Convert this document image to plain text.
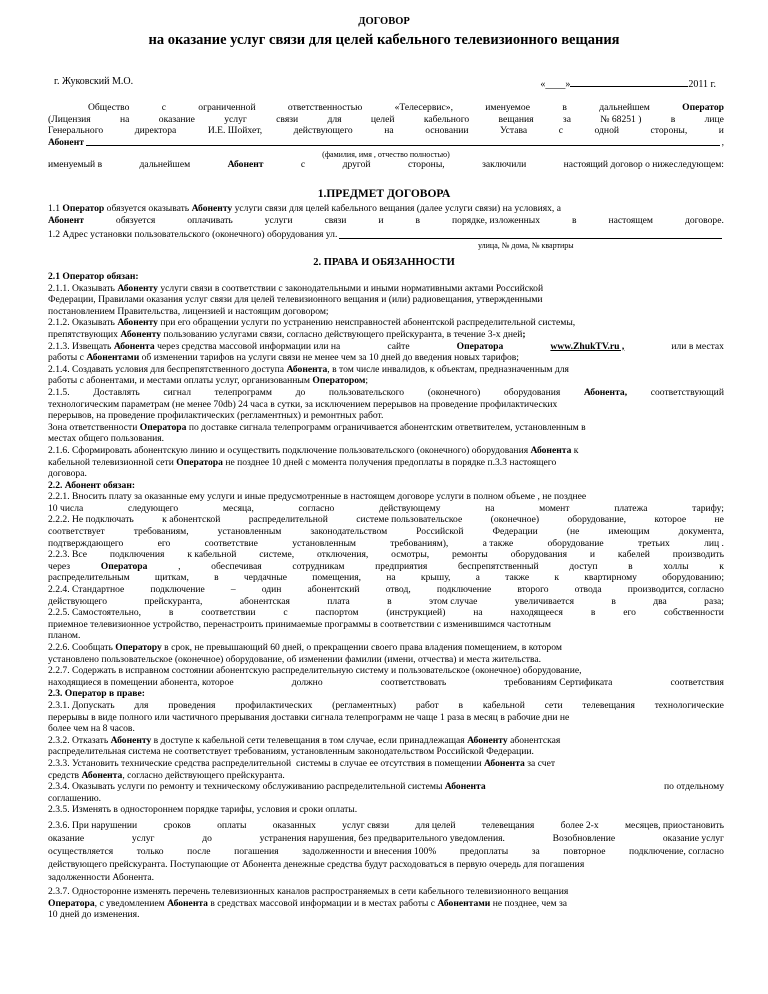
ДОГОВОР
на оказание услуг связи для целей кабельного телевизионного вещания
г. Жуковский М.О.	«____»	2011 г.
Общество	с	ограниченной	ответственностью	«Телесервис»,	именуемое	в	дальнейшем	Оператор
(Лицензия	на	оказание	услуг	связи	для	целей	кабельного	вещания	за	№ 68251 )	в	лице
Генерального	директора	И.Е. Шойхет,	действующего	на	основании	Устава	с	одной	стороны,	и
Абонент	,
(фамилия, имя , отчество полностью)
именуемый в	дальнейшем	Абонент	с	другой	стороны,	заключили	настоящий договор о нижеследующем:
1.ПРЕДМЕТ ДОГОВОРА
1.1 Оператор обязуется оказывать Абоненту услуги связи для целей кабельного вещания (далее услуги связи) на условиях, а
Абонент	обязуется	оплачивать	услуги	связи	и	в	порядке, изложенных	в	настоящем	договоре.
1.2 Адрес установки пользовательского (оконечного) оборудования ул.
улица, № дома, № квартиры
2. ПРАВА И ОБЯЗАННОСТИ
2.1 Оператор обязан:
2.1.1. Оказывать Абоненту услуги связи в соответствии с законодательными и иными нормативными актами Российской
Федерации, Правилами оказания услуг связи для целей телевизионного вещания и (или) радиовещания, утвержденными
постановлением Правительства, лицензией и настоящим договором;
2.1.2. Оказывать Абоненту при его обращении услуги по устранению неисправностей абонентской распределительной системы,
препятствующих Абоненту пользованию услугами связи, согласно действующего прейскуранта, в течение 3-х дней;
2.1.3. Извещать Абонента через средства массовой информации или на	сайте	Оператора	www.ZhukTV.ru ,	или в местах
работы с Абонентами об изменении тарифов на услуги связи не менее чем за 10 дней до введения новых тарифов;
2.1.4. Создавать условия для беспрепятственного доступа Абонента, в том числе инвалидов, к объектам, предназначенным для
работы с абонентами, и местами оплаты услуг, организованным Оператором;
2.1.5. Доставлять сигнал телепрограмм до пользовательского (оконечного) оборудования Абонента, соответствующий
технологическим параметрам (не менее 70db) 24 часа в сутки, за исключением перерывов на проведение профилактических
перерывов, на проведение профилактических (регламентных) и ремонтных работ.
Зона ответственности Оператора по доставке сигнала телепрограмм ограничивается абонентским ответвителем, установленным в
местах общего пользования.
2.1.6. Сформировать абонентскую линию и осуществить подключение пользовательского (оконечного) оборудования Абонента к
кабельной телевизионной сети Оператора не позднее 10 дней с момента получения предоплаты в порядке п.3.3 настоящего
договора.
2.2. Абонент обязан:
2.2.1. Вносить плату за оказанные ему услуги и иные предусмотренные в настоящем договоре услуги в полном объеме , не позднее
10 числа	следующего	месяца,	согласно	действующему	на	момент	платежа	тарифу;
2.2.2. Не подключать	к абонентской	распределительной	системе пользовательское	(оконечное)	оборудование,	которое	не
соответствует	требованиям,	установленным	законодательством	Российской	Федерации	(не	имеющим	документа,
подтверждающего	его	соответствие	установленным	требованиям),	а также	оборудование	третьих	лиц .
2.2.3. Все подключения к кабельной системе, отключения, осмотры, ремонты оборудования и кабелей производить
через	Оператора	,	обеспечивая	сотрудникам	предприятия	беспрепятственный	доступ	в	холлы	к
распределительным	щиткам,	в	чердачные	помещения,	на	крышу,	а	также	к	квартирному	оборудованию;
2.2.4. Стандартное	подключение	–	один	абонентский	отвод,	подключение	второго	отвода	производится, согласно
действующего	прейскуранта,	абонентская	плата	в	этом случае	увеличивается	в	два	раза;
2.2.5. Самостоятельно,	в	соответствии	с	паспортом	(инструкцией)	на	находящееся	в	его	собственности
приемное телевизионное устройство, перенастроить принимаемые программы в соответствии с изменившимся частотным
планом.
2.2.6. Сообщать Оператору в срок, не превышающий 60 дней, о прекращении своего права владения помещением, в котором
установлено пользовательское (оконечное) оборудование, об изменении фамилии (имени, отчества) и места жительства.
2.2.7. Содержать в исправном состоянии абонентскую распределительную систему и пользовательское (оконечное) оборудование,
находящиеся в помещении абонента, которое	должно	соответствовать	требованиям Сертификата	соответствия
2.3. Оператор в праве:
2.3.1. Допускать для проведения профилактических (регламентных) работ в кабельной сети телевещания технологические
перерывы в виде полного или частичного прерывания доставки сигнала телепрограмм не чаще 1 раза в месяц в рабочие дни не
более чем на 8 часов.
2.3.2. Отказать Абоненту в доступе к кабельной сети телевещания в том случае, если принадлежащая Абоненту абонентская
распределительная система не соответствует требованиям, установленным законодательством Российской Федерации.
2.3.3. Установить технические средства распределительной системы в случае ее отсутствия в помещении Абонента за счет
средств Абонента, согласно действующего прейскуранта.
2.3.4. Оказывать услуги по ремонту и техническому обслуживанию распределительной системы Абонента	по отдельному
соглашению.
2.3.5. Изменять в одностороннем порядке тарифы, условия и сроки оплаты.
2.3.6. При нарушении	сроков	оплаты	оказанных	услуг связи	для целей	телевещания	более 2-х	месяцев, приостановить
оказание	услуг	до	устранения нарушения, без предварительного уведомления.	Возобновление	оказание услуг
осуществляется только после погашения задолженности и внесения 100% предоплаты за повторное подключение, согласно
действующего прейскуранта. Поступающие от Абонента денежные средства будут расходоваться в первую очередь для погашения
задолженности Абонента.
2.3.7. Односторонне изменять перечень телевизионных каналов распространяемых в сети кабельного телевизионного вещания
Оператора, с уведомлением Абонента в средствах массовой информации и в местах работы с Абонентами не позднее, чем за
10 дней до изменения.
